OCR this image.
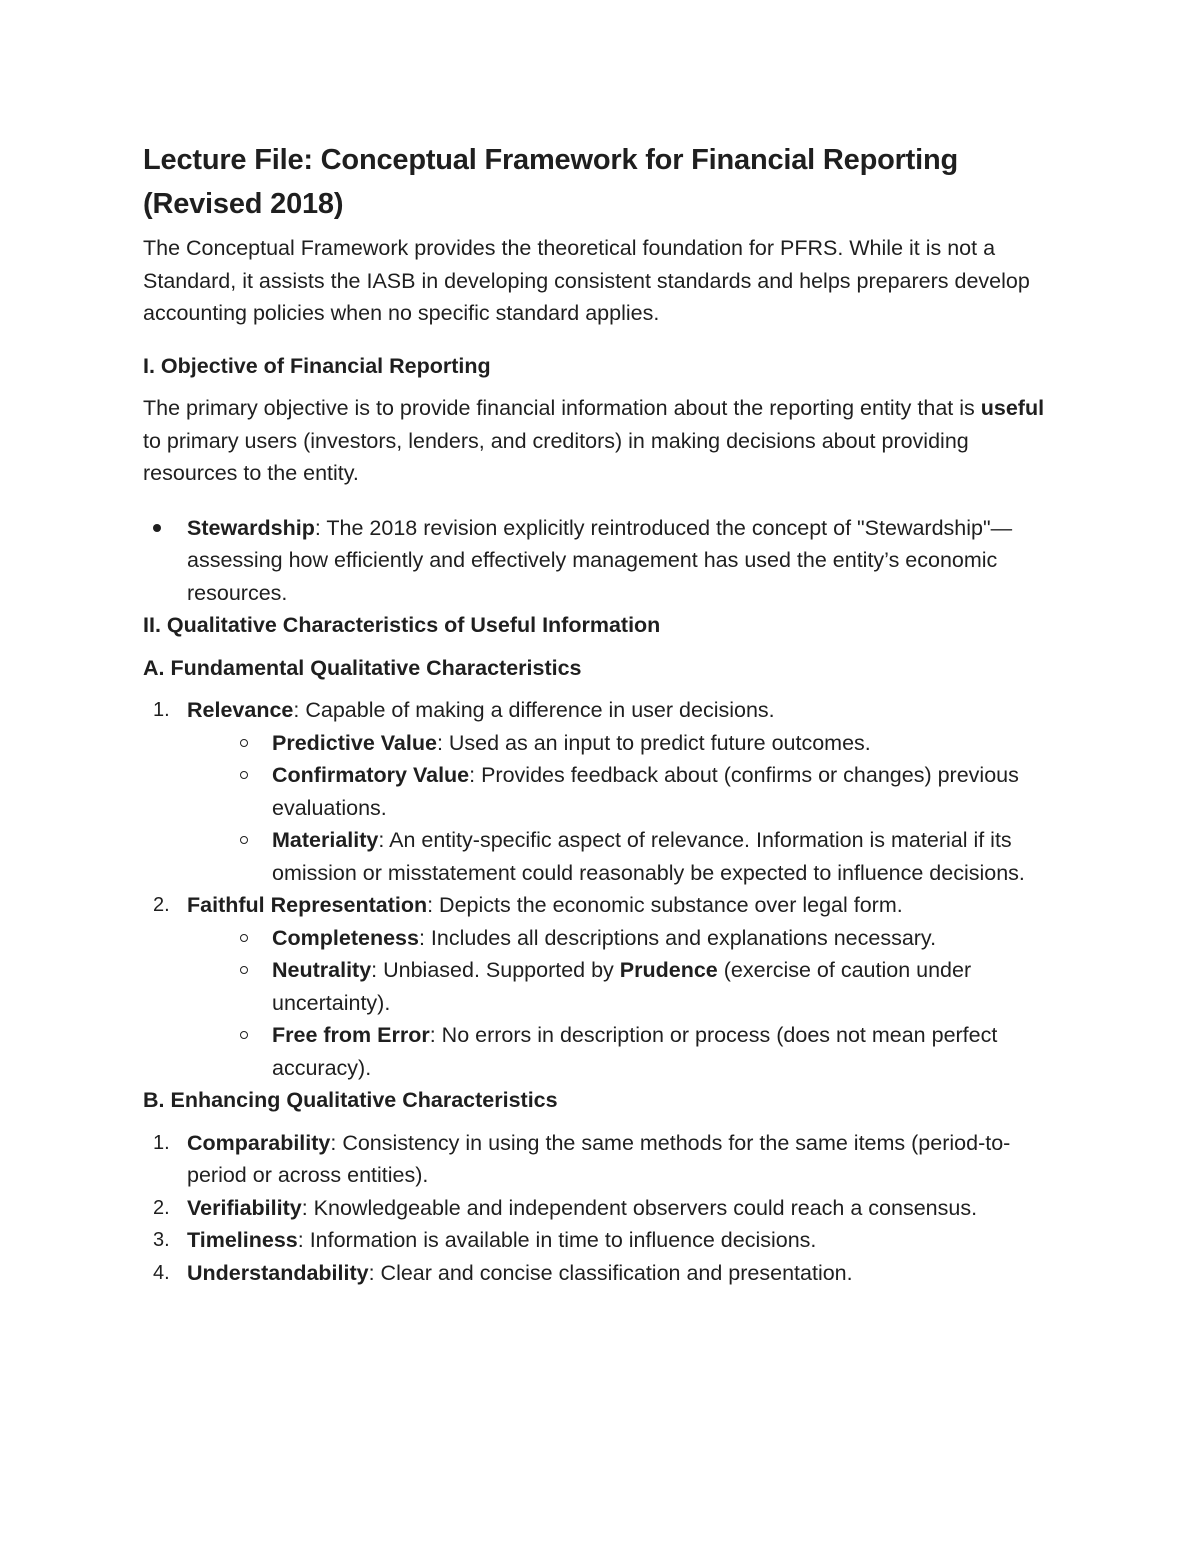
Lecture File: Conceptual Framework for Financial Reporting (Revised 2018)

The Conceptual Framework provides the theoretical foundation for PFRS. While it is not a Standard, it assists the IASB in developing consistent standards and helps preparers develop accounting policies when no specific standard applies.

I. Objective of Financial Reporting

The primary objective is to provide financial information about the reporting entity that is useful to primary users (investors, lenders, and creditors) in making decisions about providing resources to the entity.

Stewardship: The 2018 revision explicitly reintroduced the concept of "Stewardship"—assessing how efficiently and effectively management has used the entity’s economic resources.
II. Qualitative Characteristics of Useful Information
A. Fundamental Qualitative Characteristics
1. Relevance: Capable of making a difference in user decisions.
Predictive Value: Used as an input to predict future outcomes.
Confirmatory Value: Provides feedback about (confirms or changes) previous evaluations.
Materiality: An entity-specific aspect of relevance. Information is material if its omission or misstatement could reasonably be expected to influence decisions.
2. Faithful Representation: Depicts the economic substance over legal form.
Completeness: Includes all descriptions and explanations necessary.
Neutrality: Unbiased. Supported by Prudence (exercise of caution under uncertainty).
Free from Error: No errors in description or process (does not mean perfect accuracy).
B. Enhancing Qualitative Characteristics
1. Comparability: Consistency in using the same methods for the same items (period-to-period or across entities).
2. Verifiability: Knowledgeable and independent observers could reach a consensus.
3. Timeliness: Information is available in time to influence decisions.
4. Understandability: Clear and concise classification and presentation.
